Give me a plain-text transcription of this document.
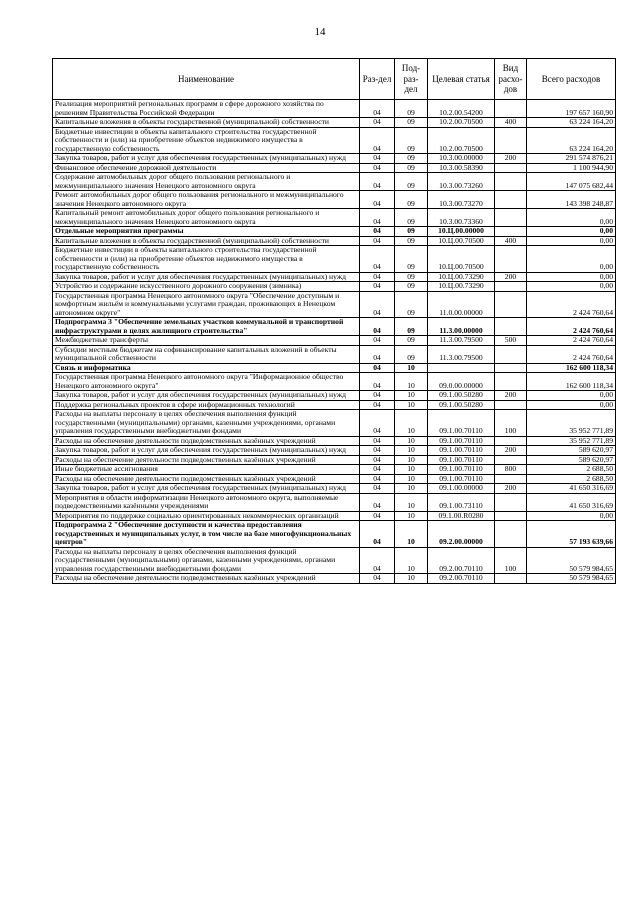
14
Наименование	Раз-дел	Под-раз-дел	Целевая статья	Вид расхо-дов	Всего расходов
Реализация мероприятий региональных программ в сфере дорожного хозяйства по решениям Правительства Российской Федерации	04	09	10.2.00.54200		197 657 160,90
Капитальные вложения в объекты государственной (муниципальной) собственности	04	09	10.2.00.70500	400	63 224 164,20
Бюджетные инвестиции в объекты капитального строительства государственной собственности и (или) на приобретение объектов недвижимого имущества в государственную собственность	04	09	10.2.00.70500		63 224 164,20
Закупка товаров, работ и услуг для обеспечения государственных (муниципальных) нужд	04	09	10.3.00.00000	200	291 574 876,21
Финансовое обеспечение дорожной деятельности	04	09	10.3.00.58390		1 100 944,90
Содержание автомобильных дорог общего пользования регионального и межмуниципального значения Ненецкого автономного округа	04	09	10.3.00.73260		147 075 682,44
Ремонт автомобильных дорог общего пользования регионального и межмуниципального значения Ненецкого автономного округа	04	09	10.3.00.73270		143 398 248,87
Капитальный ремонт автомобильных дорог общего пользования регионального и межмуниципального значения Ненецкого автономного округа	04	09	10.3.00.73360		0,00
Отдельные мероприятия программы	04	09	10.Ц.00.00000		0,00
Капитальные вложения в объекты государственной (муниципальной) собственности	04	09	10.Ц.00.70500	400	0,00
Бюджетные инвестиции в объекты капитального строительства государственной собственности и (или) на приобретение объектов недвижимого имущества в государственную собственность	04	09	10.Ц.00.70500		0,00
Закупка товаров, работ и услуг для обеспечения государственных (муниципальных) нужд	04	09	10.Ц.00.73290	200	0,00
Устройство и содержание искусственного дорожного сооружения (зимника)	04	09	10.Ц.00.73290		0,00
Государственная программа Ненецкого автономного округа "Обеспечение доступным и комфортным жильём и коммунальными услугами граждан, проживающих в Ненецком автономном округе"	04	09	11.0.00.00000		2 424 760,64
Подпрограмма 3 "Обеспечение земельных участков коммунальной и транспортной инфраструктурами в целях жилищного строительства"	04	09	11.3.00.00000		2 424 760,64
Межбюджетные трансферты	04	09	11.3.00.79500	500	2 424 760,64
Субсидии местным бюджетам на софинансирование капитальных вложений в объекты муниципальной собственности	04	09	11.3.00.79500		2 424 760,64
Связь и информатика	04	10			162 600 118,34
Государственная программа Ненецкого автономного округа "Информационное общество Ненецкого автономного округа"	04	10	09.0.00.00000		162 600 118,34
Закупка товаров, работ и услуг для обеспечения государственных (муниципальных) нужд	04	10	09.1.00.50280	200	0,00
Поддержка региональных проектов в сфере информационных технологий	04	10	09.1.00.50280		0,00
Расходы на выплаты персоналу в целях обеспечения выполнения функций государственными (муниципальными) органами, казенными учреждениями, органами управления государственными внебюджетными фондами	04	10	09.1.00.70110	100	35 952 771,89
Расходы на обеспечение деятельности подведомственных казённых учреждений	04	10	09.1.00.70110		35 952 771,89
Закупка товаров, работ и услуг для обеспечения государственных (муниципальных) нужд	04	10	09.1.00.70110	200	589 620,97
Расходы на обеспечение деятельности подведомственных казённых учреждений	04	10	09.1.00.70110		589 620,97
Иные бюджетные ассигнования	04	10	09.1.00.70110	800	2 688,50
Расходы на обеспечение деятельности подведомственных казённых учреждений	04	10	09.1.00.70110		2 688,50
Закупка товаров, работ и услуг для обеспечения государственных (муниципальных) нужд	04	10	09.1.00.00000	200	41 650 316,69
Мероприятия в области информатизации Ненецкого автономного округа, выполняемые подведомственными казёнными учреждениями	04	10	09.1.00.73110		41 650 316,69
Мероприятия по поддержке социально ориентированных некоммерческих организаций	04	10	09.1.00.R0280		0,00
Подпрограмма 2 "Обеспечение доступности и качества предоставления государственных и муниципальных услуг, в том числе на базе многофункциональных центров"	04	10	09.2.00.00000		57 193 639,66
Расходы на выплаты персоналу в целях обеспечения выполнения функций государственными (муниципальными) органами, казенными учреждениями, органами управления государственными внебюджетными фондами	04	10	09.2.00.70110	100	50 579 984,65
Расходы на обеспечение деятельности подведомственных казённых учреждений	04	10	09.2.00.70110		50 579 984,65
